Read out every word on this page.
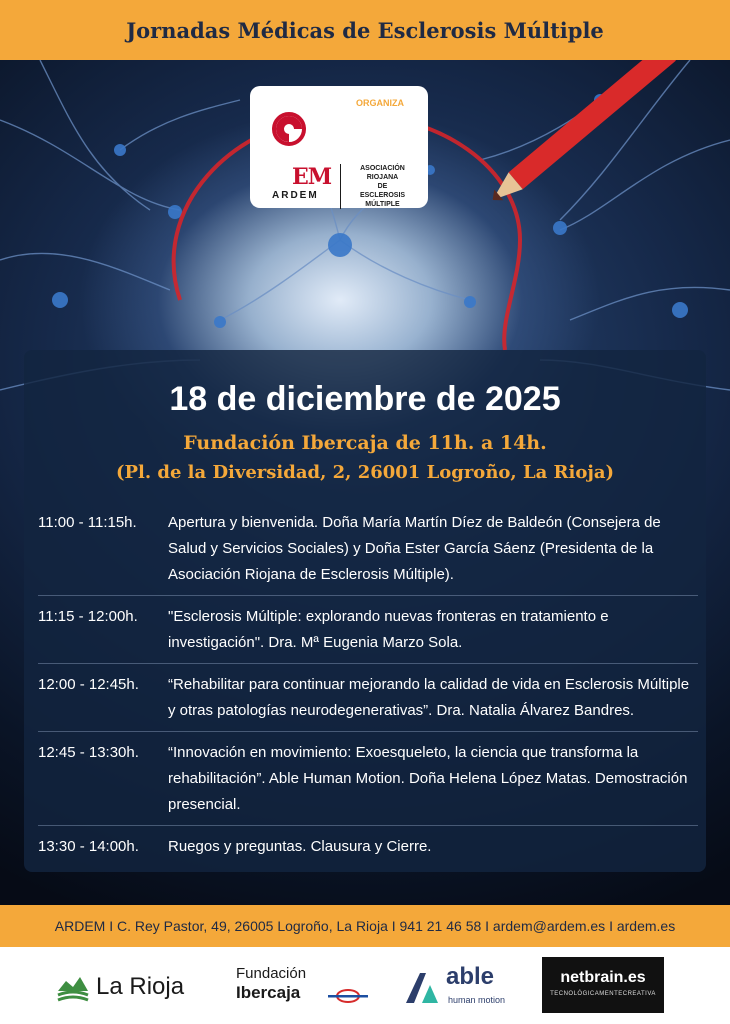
Jornadas Médicas de Esclerosis Múltiple
ORGANIZA
EM
ARDEM
ASOCIACIÓN
RIOJANA
DE
ESCLEROSIS
MÚLTIPLE
18 de diciembre de 2025
Fundación Ibercaja de 11h. a 14h.
(Pl. de la Diversidad, 2, 26001 Logroño, La Rioja)
11:00 - 11:15h.	Apertura y bienvenida. Doña María Martín Díez de Baldeón (Consejera de Salud y Servicios Sociales) y Doña Ester García Sáenz (Presidenta de la Asociación Riojana de Esclerosis Múltiple).
11:15 - 12:00h.	"Esclerosis Múltiple: explorando nuevas fronteras en tratamiento e investigación". Dra. Mª Eugenia Marzo Sola.
12:00 - 12:45h.	“Rehabilitar para continuar mejorando la calidad de vida en Esclerosis Múltiple y otras patologías neurodegenerativas”. Dra. Natalia Álvarez Bandres.
12:45 - 13:30h.	“Innovación en movimiento: Exoesqueleto, la ciencia que transforma la rehabilitación”. Able Human Motion. Doña Helena López Matas. Demostración presencial.
13:30 - 14:00h.	Ruegos y preguntas. Clausura y Cierre.
ARDEM I C. Rey Pastor, 49, 26005 Logroño, La Rioja I 941 21 46 58 I ardem@ardem.es I ardem.es
La Rioja	Fundación
Ibercaja
able
human motion
netbrain.es
TECNOLÓGICAMENTECREATIVA
